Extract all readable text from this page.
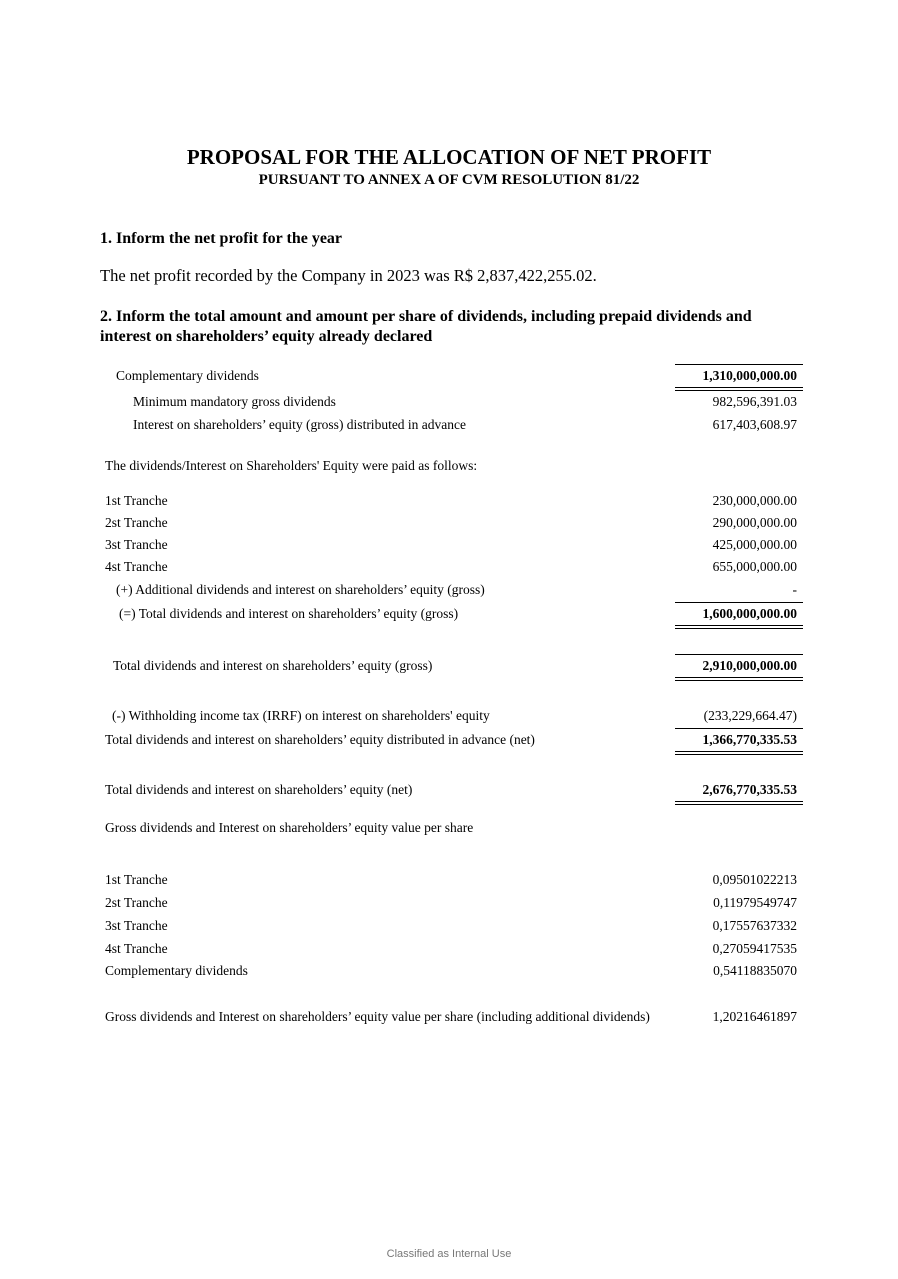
PROPOSAL FOR THE ALLOCATION OF NET PROFIT
PURSUANT TO ANNEX A OF CVM RESOLUTION 81/22
1. Inform the net profit for the year
The net profit recorded by the Company in 2023 was R$ 2,837,422,255.02.
2. Inform the total amount and amount per share of dividends, including prepaid dividends and interest on shareholders’ equity already declared
Complementary dividends	1,310,000,000.00
Minimum mandatory gross dividends	982,596,391.03
Interest on shareholders’ equity (gross) distributed in advance	617,403,608.97
The dividends/Interest on Shareholders' Equity were paid as follows:
1st Tranche	230,000,000.00
2st Tranche	290,000,000.00
3st Tranche	425,000,000.00
4st Tranche	655,000,000.00
(+) Additional dividends and interest on shareholders’ equity (gross)	-
(=) Total dividends and interest on shareholders’ equity (gross)	1,600,000,000.00
Total dividends and interest on shareholders’ equity (gross)	2,910,000,000.00
(-) Withholding income tax (IRRF) on interest on shareholders' equity	(233,229,664.47)
Total dividends and interest on shareholders’ equity distributed in advance (net)	1,366,770,335.53
Total dividends and interest on shareholders’ equity (net)	2,676,770,335.53
Gross dividends and Interest on shareholders’ equity value per share
1st Tranche	0,09501022213
2st Tranche	0,11979549747
3st Tranche	0,17557637332
4st Tranche	0,27059417535
Complementary dividends	0,54118835070
Gross dividends and Interest on shareholders’ equity value per share (including additional dividends)	1,20216461897
Classified as Internal Use
